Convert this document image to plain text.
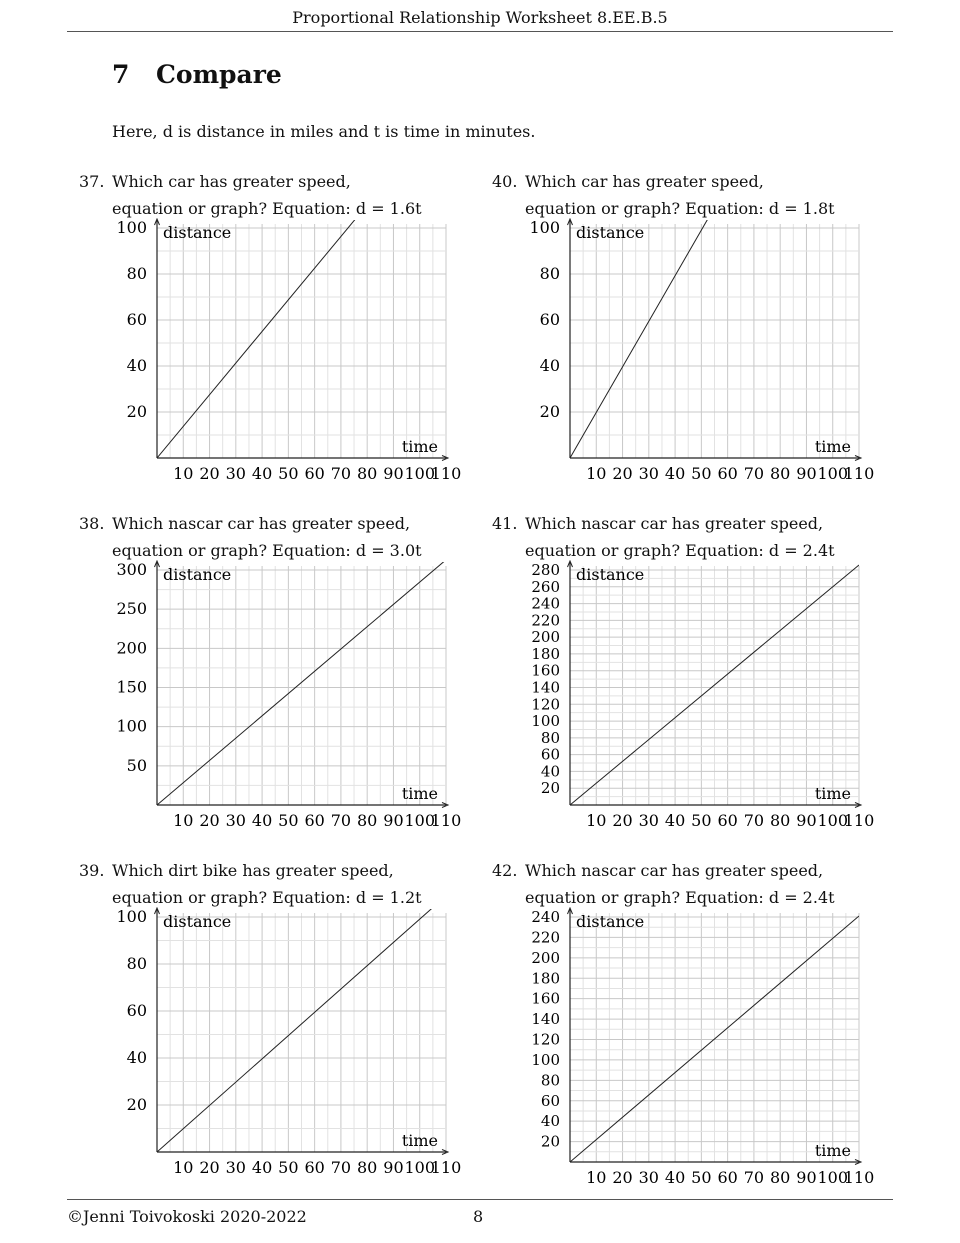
Proportional Relationship Worksheet 8.EE.B.5
7 Compare
Here, d is distance in miles and t is time in minutes.
37. Which car has greater speed,
equation or graph? Equation: d = 1.6t
10 20 30 40 50 60 70 80 90 100
110
20
40
60
80
100 distance
time
38. Which nascar car has greater speed,
equation or graph? Equation: d = 3.0t
10 20 30 40 50 60 70 80 90 100
110
50
100
150
200
250
300 distance
time
39. Which dirt bike has greater speed,
equation or graph? Equation: d = 1.2t
10 20 30 40 50 60 70 80 90 100
110
20
40
60
80
100 distance
time
40. Which car has greater speed,
equation or graph? Equation: d = 1.8t
10 20 30 40 50 60 70 80 90 100
110
20
40
60
80
100 distance
time
41. Which nascar car has greater speed,
equation or graph? Equation: d = 2.4t
10 20 30 40 50 60 70 80 90 100
110
20
40
60
80
100
120
140
160
180
200
220
240
260
280 distance
time
42. Which nascar car has greater speed,
equation or graph? Equation: d = 2.4t
10 20 30 40 50 60 70 80 90 100
110
20
40
60
80
100
120
140
160
180
200
220
240 distance
time
©Jenni Toivokoski 2020-2022	8
